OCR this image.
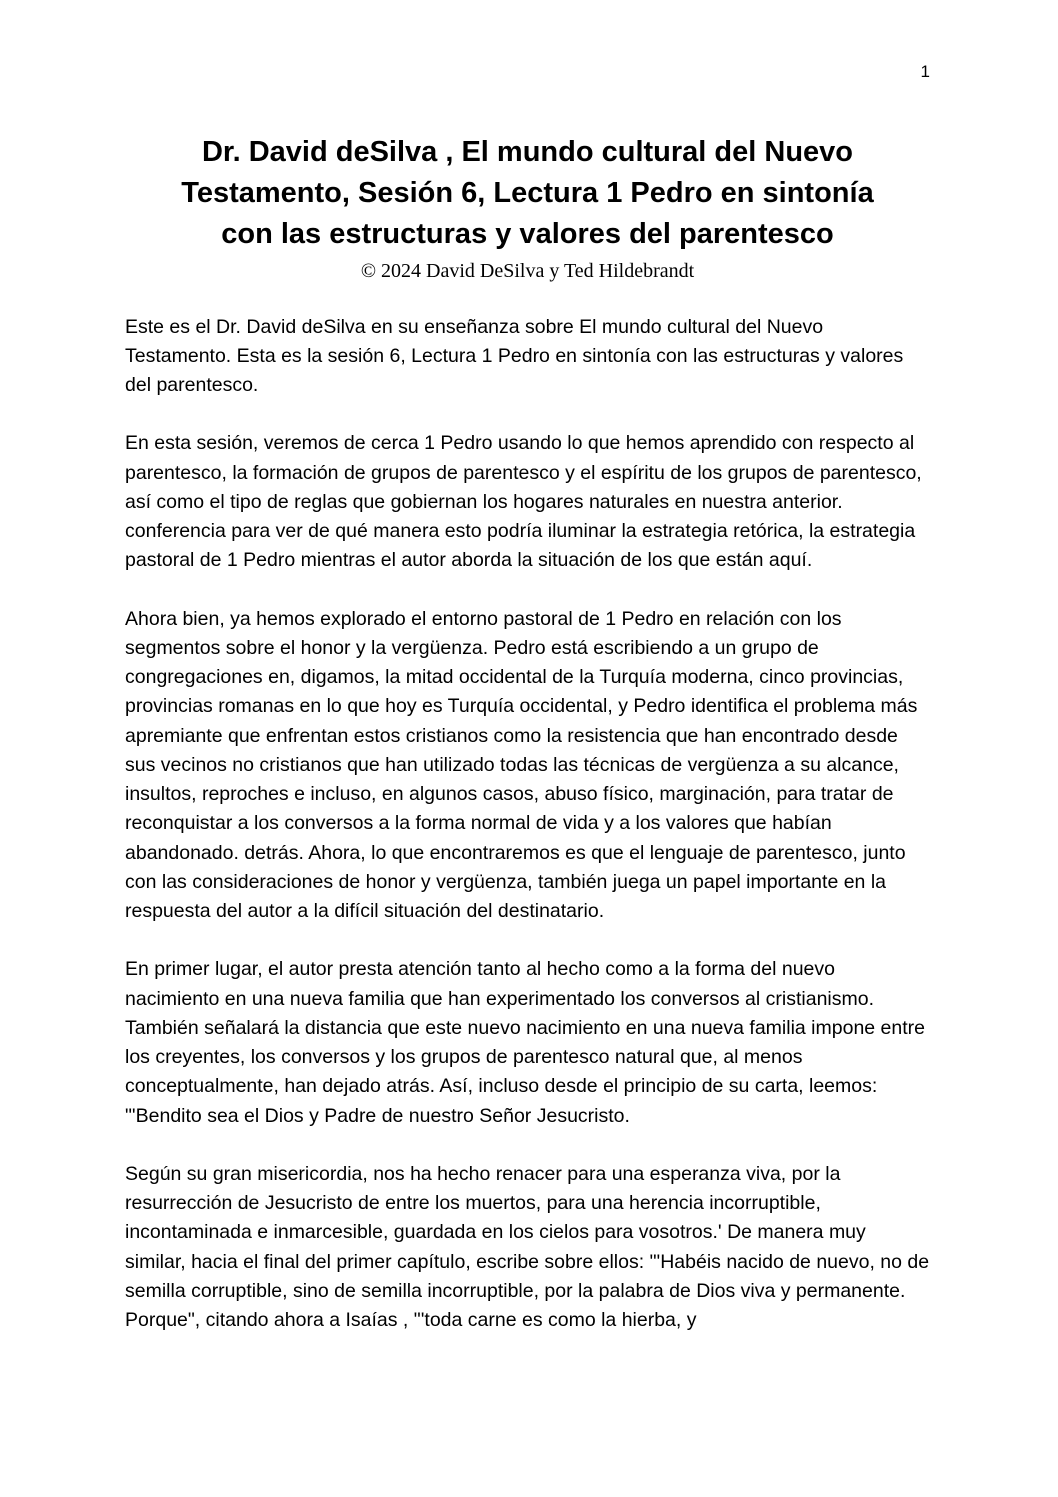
1
Dr. David deSilva , El mundo cultural del Nuevo
Testamento, Sesión 6, Lectura 1 Pedro en sintonía
con las estructuras y valores del parentesco
© 2024 David DeSilva y Ted Hildebrandt

Este es el Dr. David deSilva en su enseñanza sobre El mundo cultural del Nuevo Testamento. Esta es la sesión 6, Lectura 1 Pedro en sintonía con las estructuras y valores del parentesco.

En esta sesión, veremos de cerca 1 Pedro usando lo que hemos aprendido con respecto al parentesco, la formación de grupos de parentesco y el espíritu de los grupos de parentesco, así como el tipo de reglas que gobiernan los hogares naturales en nuestra anterior. conferencia para ver de qué manera esto podría iluminar la estrategia retórica, la estrategia pastoral de 1 Pedro mientras el autor aborda la situación de los que están aquí.

Ahora bien, ya hemos explorado el entorno pastoral de 1 Pedro en relación con los segmentos sobre el honor y la vergüenza. Pedro está escribiendo a un grupo de congregaciones en, digamos, la mitad occidental de la Turquía moderna, cinco provincias, provincias romanas en lo que hoy es Turquía occidental, y Pedro identifica el problema más apremiante que enfrentan estos cristianos como la resistencia que han encontrado desde sus vecinos no cristianos que han utilizado todas las técnicas de vergüenza a su alcance, insultos, reproches e incluso, en algunos casos, abuso físico, marginación, para tratar de reconquistar a los conversos a la forma normal de vida y a los valores que habían abandonado. detrás. Ahora, lo que encontraremos es que el lenguaje de parentesco, junto con las consideraciones de honor y vergüenza, también juega un papel importante en la respuesta del autor a la difícil situación del destinatario.

En primer lugar, el autor presta atención tanto al hecho como a la forma del nuevo nacimiento en una nueva familia que han experimentado los conversos al cristianismo. También señalará la distancia que este nuevo nacimiento en una nueva familia impone entre los creyentes, los conversos y los grupos de parentesco natural que, al menos conceptualmente, han dejado atrás. Así, incluso desde el principio de su carta, leemos: "'Bendito sea el Dios y Padre de nuestro Señor Jesucristo.

Según su gran misericordia, nos ha hecho renacer para una esperanza viva, por la resurrección de Jesucristo de entre los muertos, para una herencia incorruptible, incontaminada e inmarcesible, guardada en los cielos para vosotros.' De manera muy similar, hacia el final del primer capítulo, escribe sobre ellos: "'Habéis nacido de nuevo, no de semilla corruptible, sino de semilla incorruptible, por la palabra de Dios viva y permanente. Porque", citando ahora a Isaías , "'toda carne es como la hierba, y
